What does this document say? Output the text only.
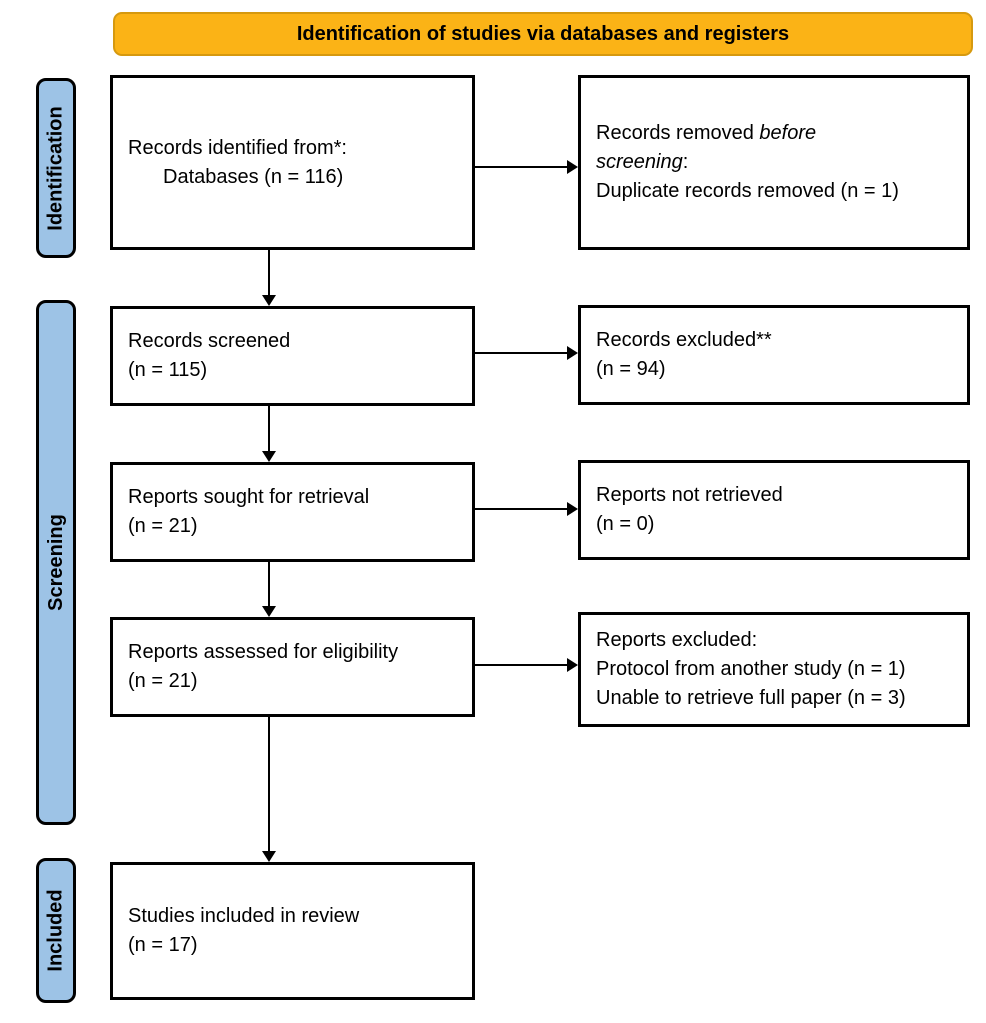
Identification of studies via databases and registers
Identification
Screening
Included
Records identified from*:
Databases (n = 116)
Records screened
(n = 115)
Reports sought for retrieval
(n = 21)
Reports assessed for eligibility
(n = 21)
Studies included in review
(n = 17)
Records removed before
screening:
Duplicate records removed (n = 1)
Records excluded**
(n = 94)
Reports not retrieved
(n = 0)
Reports excluded:
Protocol from another study (n = 1)
Unable to retrieve full paper (n = 3)
